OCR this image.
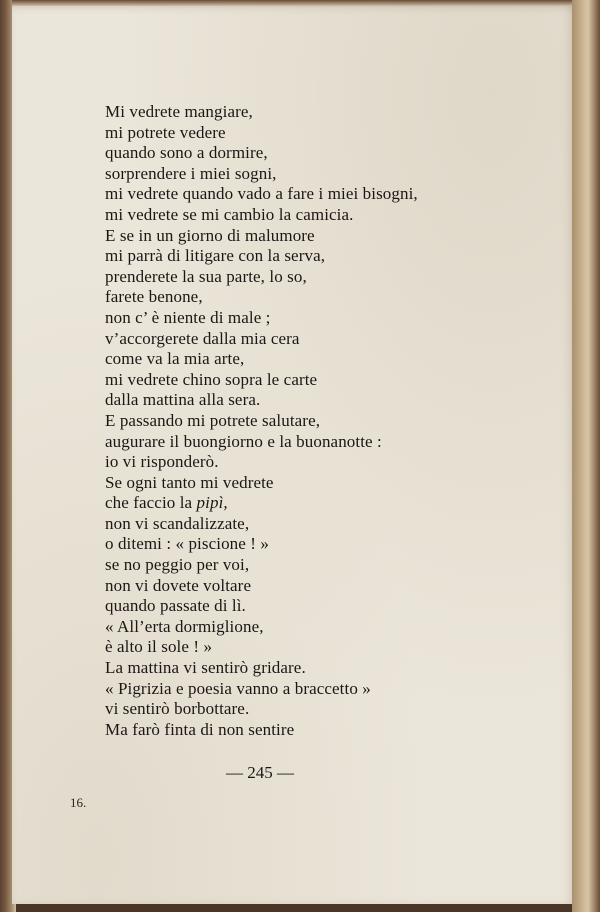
Mi vedrete mangiare,
mi potrete vedere
quando sono a dormire,
sorprendere i miei sogni,
mi vedrete quando vado a fare i miei bisogni,
mi vedrete se mi cambio la camicia.
E se in un giorno di malumore
mi parrà di litigare con la serva,
prenderete la sua parte, lo so,
farete benone,
non c’ è niente di male ;
v’accorgerete dalla mia cera
come va la mia arte,
mi vedrete chino sopra le carte
dalla mattina alla sera.
E passando mi potrete salutare,
augurare il buongiorno e la buonanotte :
io vi risponderò.
Se ogni tanto mi vedrete
che faccio la pipì,
non vi scandalizzate,
o ditemi : « piscione ! »
se no peggio per voi,
non vi dovete voltare
quando passate di lì.
« All’erta dormiglione,
è alto il sole ! »
La mattina vi sentirò gridare.
« Pigrizia e poesia vanno a braccetto »
vi sentirò borbottare.
Ma farò finta di non sentire
— 245 —
16.
